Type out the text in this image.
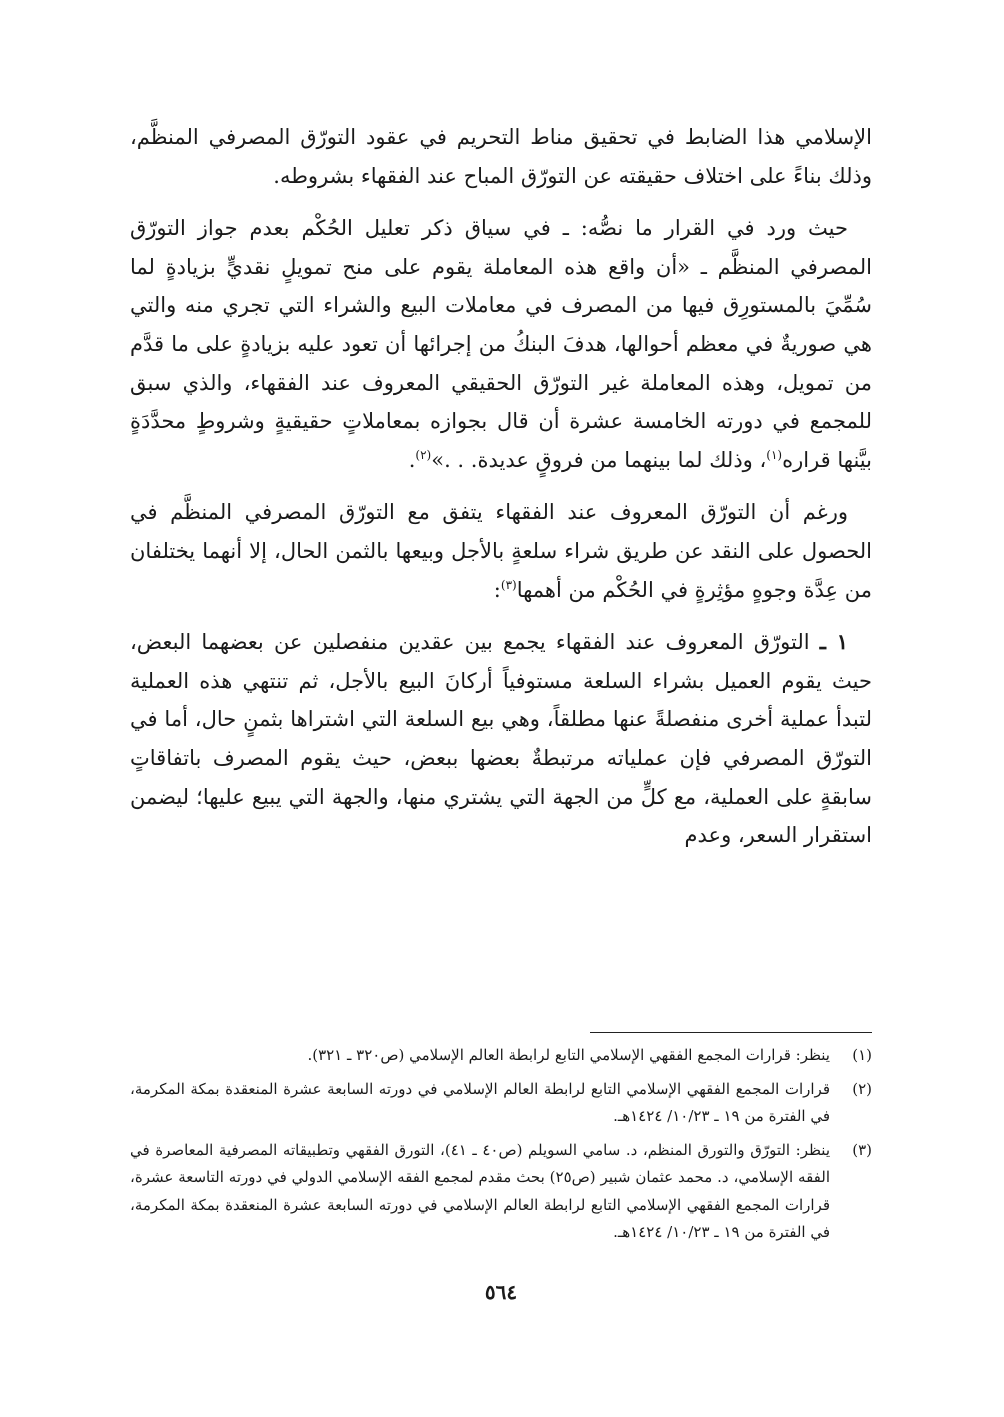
الإسلامي هذا الضابط في تحقيق مناط التحريم في عقود التورّق المصرفي المنظَّم، وذلك بناءً على اختلاف حقيقته عن التورّق المباح عند الفقهاء بشروطه.

حيث ورد في القرار ما نصُّه: ـ في سياق ذكر تعليل الحُكْم بعدم جواز التورّق المصرفي المنظَّم ـ «أن واقع هذه المعاملة يقوم على منح تمويلٍ نقديٍّ بزيادةٍ لما سُمِّيَ بالمستورِق فيها من المصرف في معاملات البيع والشراء التي تجري منه والتي هي صوريةٌ في معظم أحوالها، هدفَ البنكُ من إجرائها أن تعود عليه بزيادةٍ على ما قدَّم من تمويل، وهذه المعاملة غير التورّق الحقيقي المعروف عند الفقهاء، والذي سبق للمجمع في دورته الخامسة عشرة أن قال بجوازه بمعاملاتٍ حقيقيةٍ وشروطٍ محدَّدَةٍ بيَّنها قراره$^{(١)}$، وذلك لما بينهما من فروقٍ عديدة. . .»$^{(٢)}$.

ورغم أن التورّق المعروف عند الفقهاء يتفق مع التورّق المصرفي المنظَّم في الحصول على النقد عن طريق شراء سلعةٍ بالأجل وبيعها بالثمن الحال، إلا أنهما يختلفان من عِدَّة وجوهٍ مؤثِرةٍ في الحُكْم من أهمها$^{(٣)}$:

١ ـ التورّق المعروف عند الفقهاء يجمع بين عقدين منفصلين عن بعضهما البعض، حيث يقوم العميل بشراء السلعة مستوفياً أركانَ البيع بالأجل، ثم تنتهي هذه العملية لتبدأ عملية أخرى منفصلةً عنها مطلقاً، وهي بيع السلعة التي اشتراها بثمنٍ حال، أما في التورّق المصرفي فإن عملياته مرتبطةٌ بعضها ببعض، حيث يقوم المصرف باتفاقاتٍ سابقةٍ على العملية، مع كلٍّ من الجهة التي يشتري منها، والجهة التي يبيع عليها؛ ليضمن استقرار السعر، وعدم

(١)
ينظر: قرارات المجمع الفقهي الإسلامي التابع لرابطة العالم الإسلامي (ص٣٢٠ ـ ٣٢١).
(٢)
قرارات المجمع الفقهي الإسلامي التابع لرابطة العالم الإسلامي في دورته السابعة عشرة المنعقدة بمكة المكرمة، في الفترة من ١٩ ـ ١٠/٢٣/ ١٤٢٤هـ.
(٣)
ينظر: التورّق والتورق المنظم، د. سامي السويلم (ص٤٠ ـ ٤١)، التورق الفقهي وتطبيقاته المصرفية المعاصرة في الفقه الإسلامي، د. محمد عثمان شبير (ص٢٥) بحث مقدم لمجمع الفقه الإسلامي الدولي في دورته التاسعة عشرة، قرارات المجمع الفقهي الإسلامي التابع لرابطة العالم الإسلامي في دورته السابعة عشرة المنعقدة بمكة المكرمة، في الفترة من ١٩ ـ ١٠/٢٣/ ١٤٢٤هـ.
٥٦٤
